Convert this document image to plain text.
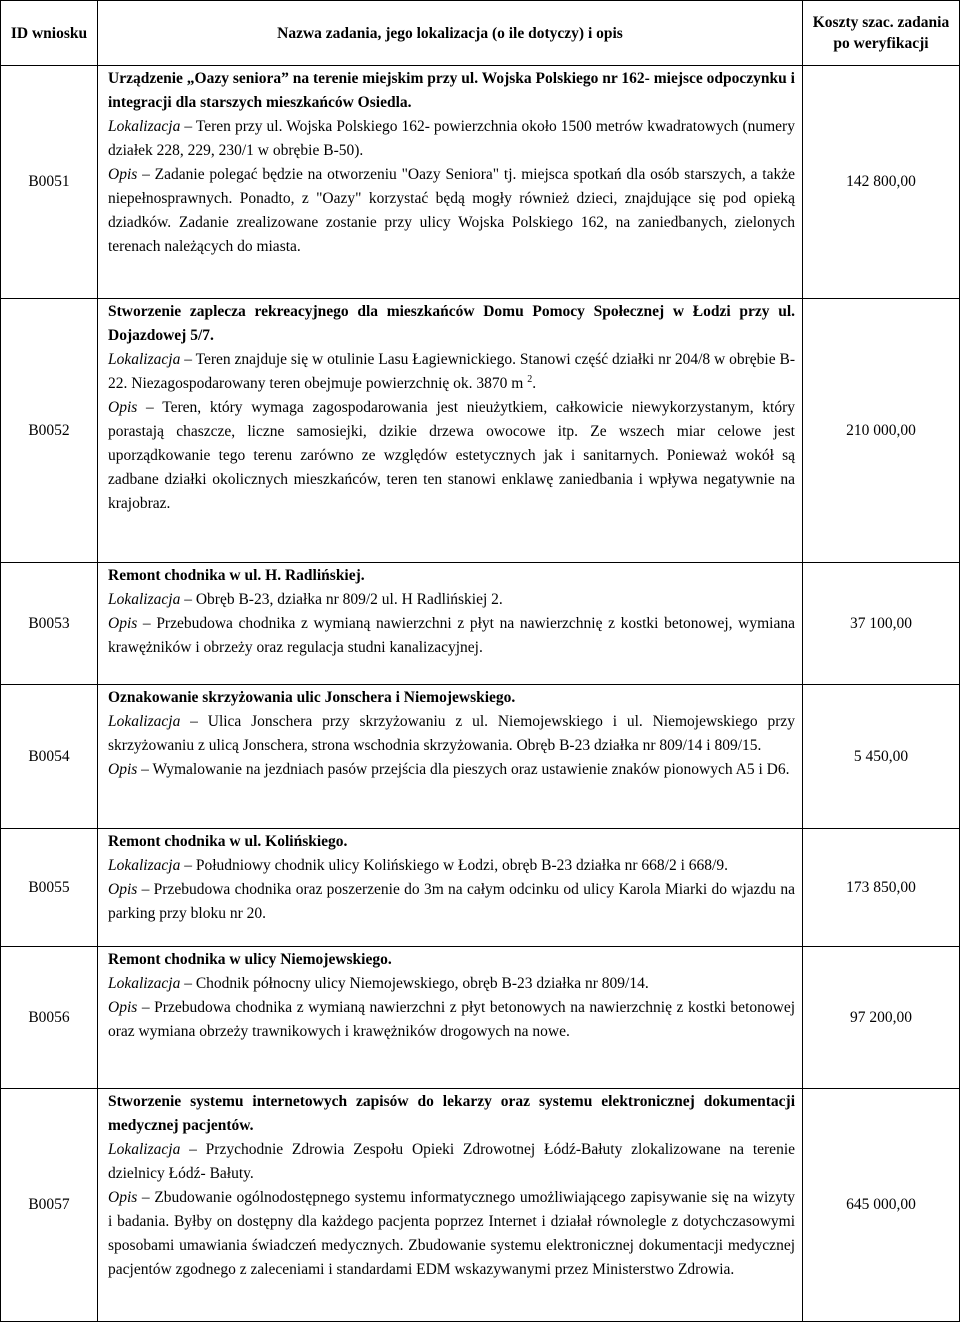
ID wniosku	Nazwa zadania, jego lokalizacja (o ile dotyczy) i opis	Koszty szac. zadania po weryfikacji
B0051	Urządzenie „Oazy seniora” na terenie miejskim przy ul. Wojska Polskiego nr 162- miejsce odpoczynku i integracji dla starszych mieszkańców Osiedla.

Lokalizacja – Teren przy ul. Wojska Polskiego 162- powierzchnia około 1500 metrów kwadratowych (numery działek 228, 229, 230/1 w obrębie B-50).

Opis – Zadanie polegać będzie na otworzeniu "Oazy Seniora" tj. miejsca spotkań dla osób starszych, a także niepełnosprawnych. Ponadto, z "Oazy" korzystać będą mogły również dzieci, znajdujące się pod opieką dziadków. Zadanie zrealizowane zostanie przy ulicy Wojska Polskiego 162, na zaniedbanych, zielonych terenach należących do miasta.	142 800,00
B0052	Stworzenie zaplecza rekreacyjnego dla mieszkańców Domu Pomocy Społecznej w Łodzi przy ul. Dojazdowej 5/7.

Lokalizacja – Teren znajduje się w otulinie Lasu Łagiewnickiego. Stanowi część działki nr 204/8 w obrębie B-22. Niezagospodarowany teren obejmuje powierzchnię ok. 3870 m $^2$.

Opis – Teren, który wymaga zagospodarowania jest nieużytkiem, całkowicie niewykorzystanym, który porastają chaszcze, liczne samosiejki, dzikie drzewa owocowe itp. Ze wszech miar celowe jest uporządkowanie tego terenu zarówno ze względów estetycznych jak i sanitarnych. Ponieważ wokół są zadbane działki okolicznych mieszkańców, teren ten stanowi enklawę zaniedbania i wpływa negatywnie na krajobraz.	210 000,00
B0053	Remont chodnika w ul. H. Radlińskiej.

Lokalizacja – Obręb B-23, działka nr 809/2 ul. H Radlińskiej 2.

Opis – Przebudowa chodnika z wymianą nawierzchni z płyt na nawierzchnię z kostki betonowej, wymiana krawężników i obrzeży oraz regulacja studni kanalizacyjnej.	37 100,00
B0054	Oznakowanie skrzyżowania ulic Jonschera i Niemojewskiego.

Lokalizacja – Ulica Jonschera przy skrzyżowaniu z ul. Niemojewskiego i ul. Niemojewskiego przy skrzyżowaniu z ulicą Jonschera, strona wschodnia skrzyżowania. Obręb B-23 działka nr 809/14 i 809/15.

Opis – Wymalowanie na jezdniach pasów przejścia dla pieszych oraz ustawienie znaków pionowych A5 i D6.	5 450,00
B0055	Remont chodnika w ul. Kolińskiego.

Lokalizacja – Południowy chodnik ulicy Kolińskiego w Łodzi, obręb B-23 działka nr 668/2 i 668/9.

Opis – Przebudowa chodnika oraz poszerzenie do 3m na całym odcinku od ulicy Karola Miarki do wjazdu na parking przy bloku nr 20.	173 850,00
B0056	Remont chodnika w ulicy Niemojewskiego.

Lokalizacja – Chodnik północny ulicy Niemojewskiego, obręb B-23 działka nr 809/14.

Opis – Przebudowa chodnika z wymianą nawierzchni z płyt betonowych na nawierzchnię z kostki betonowej oraz wymiana obrzeży trawnikowych i krawężników drogowych na nowe.	97 200,00
B0057	Stworzenie systemu internetowych zapisów do lekarzy oraz systemu elektronicznej dokumentacji medycznej pacjentów.

Lokalizacja – Przychodnie Zdrowia Zespołu Opieki Zdrowotnej Łódź-Bałuty zlokalizowane na terenie dzielnicy Łódź- Bałuty.

Opis – Zbudowanie ogólnodostępnego systemu informatycznego umożliwiającego zapisywanie się na wizyty i badania. Byłby on dostępny dla każdego pacjenta poprzez Internet i działał równolegle z dotychczasowymi sposobami umawiania świadczeń medycznych. Zbudowanie systemu elektronicznej dokumentacji medycznej pacjentów zgodnego z zaleceniami i standardami EDM wskazywanymi przez Ministerstwo Zdrowia.	645 000,00
